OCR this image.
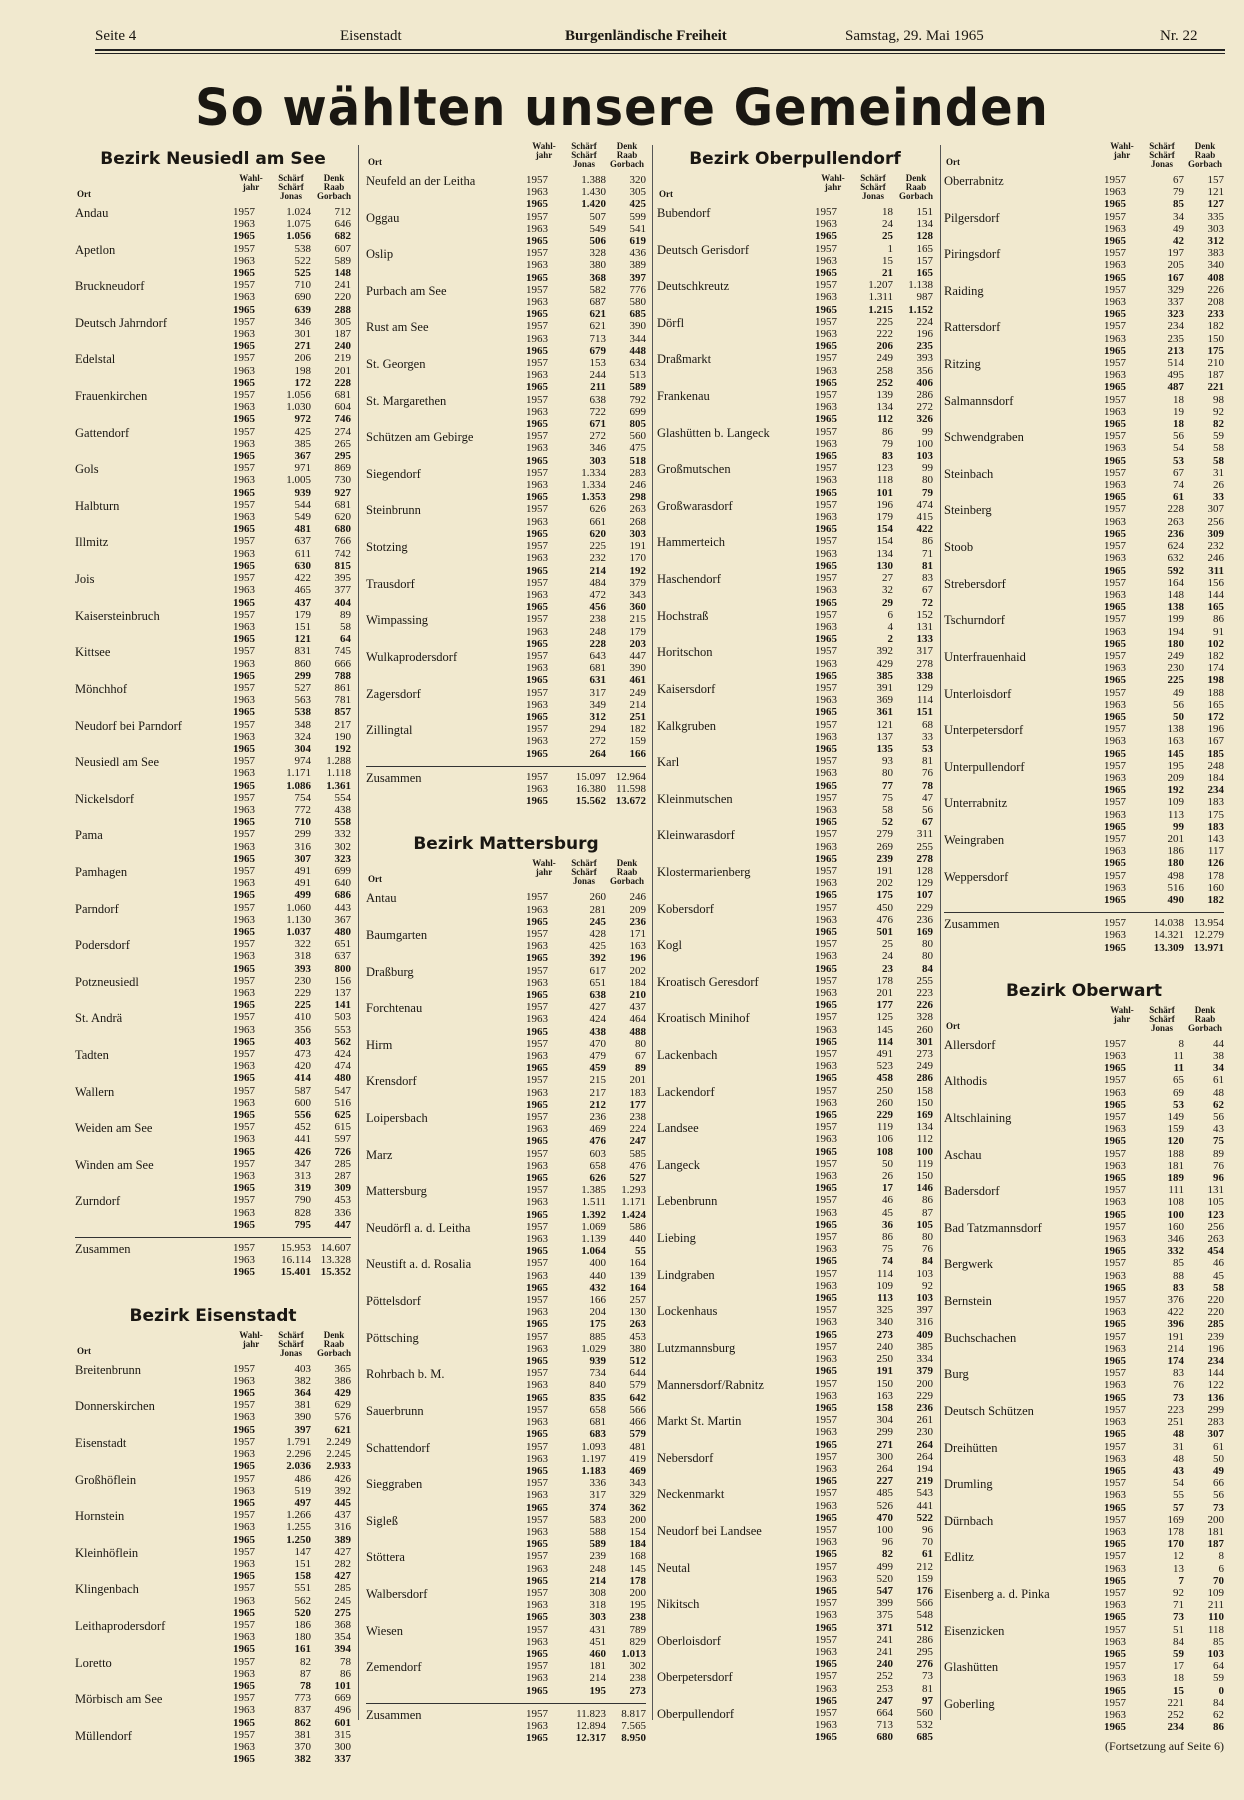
Seite 4	Eisenstadt	Burgenländische Freiheit	Samstag, 29. Mai 1965	Nr. 22
So wählten unsere Gemeinden
Bezirk Neusiedl am See
Ort
Wahl-
jahr
Schärf
Schärf
Jonas
Denk
Raab
Gorbach
Andau	1957	1.024	712
1963	1.075	646
1965	1.056	682
Apetlon	1957	538	607
1963	522	589
1965	525	148
Bruckneudorf	1957	710	241
1963	690	220
1965	639	288
Deutsch Jahrndorf	1957	346	305
1963	301	187
1965	271	240
Edelstal	1957	206	219
1963	198	201
1965	172	228
Frauenkirchen	1957	1.056	681
1963	1.030	604
1965	972	746
Gattendorf	1957	425	274
1963	385	265
1965	367	295
Gols	1957	971	869
1963	1.005	730
1965	939	927
Halbturn	1957	544	681
1963	549	620
1965	481	680
Illmitz	1957	637	766
1963	611	742
1965	630	815
Jois	1957	422	395
1963	465	377
1965	437	404
Kaisersteinbruch	1957	179	89
1963	151	58
1965	121	64
Kittsee	1957	831	745
1963	860	666
1965	299	788
Mönchhof	1957	527	861
1963	563	781
1965	538	857
Neudorf bei Parndorf	1957	348	217
1963	324	190
1965	304	192
Neusiedl am See	1957	974	1.288
1963	1.171	1.118
1965	1.086	1.361
Nickelsdorf	1957	754	554
1963	772	438
1965	710	558
Pama	1957	299	332
1963	316	302
1965	307	323
Pamhagen	1957	491	699
1963	491	640
1965	499	686
Parndorf	1957	1.060	443
1963	1.130	367
1965	1.037	480
Podersdorf	1957	322	651
1963	318	637
1965	393	800
Potzneusiedl	1957	230	156
1963	229	137
1965	225	141
St. Andrä	1957	410	503
1963	356	553
1965	403	562
Tadten	1957	473	424
1963	420	474
1965	414	480
Wallern	1957	587	547
1963	600	516
1965	556	625
Weiden am See	1957	452	615
1963	441	597
1965	426	726
Winden am See	1957	347	285
1963	313	287
1965	319	309
Zurndorf	1957	790	453
1963	828	336
1965	795	447
Zusammen	1957	15.953 14.607
1963	16.114 13.328
1965	15.401 15.352
Bezirk Eisenstadt
Ort
Wahl-
jahr
Schärf
Schärf
Jonas
Denk
Raab
Gorbach
Breitenbrunn	1957	403	365
1963	382	386
1965	364	429
Donnerskirchen	1957	381	629
1963	390	576
1965	397	621
Eisenstadt	1957	1.791	2.249
1963	2.296	2.245
1965	2.036	2.933
Großhöflein	1957	486	426
1963	519	392
1965	497	445
Hornstein	1957	1.266	437
1963	1.255	316
1965	1.250	389
Kleinhöflein	1957	147	427
1963	151	282
1965	158	427
Klingenbach	1957	551	285
1963	562	245
1965	520	275
Leithaprodersdorf	1957	186	368
1963	180	354
1965	161	394
Loretto	1957	82	78
1963	87	86
1965	78	101
Mörbisch am See	1957	773	669
1963	837	496
1965	862	601
Müllendorf	1957	381	315
1963	370	300
1965	382	337
Ort
Wahl-
jahr
Schärf
Schärf
Jonas
Denk
Raab
Gorbach
Neufeld an der Leitha	1957	1.388	320
1963	1.430	305
1965	1.420	425
Oggau	1957	507	599
1963	549	541
1965	506	619
Oslip	1957	328	436
1963	380	389
1965	368	397
Purbach am See	1957	582	776
1963	687	580
1965	621	685
Rust am See	1957	621	390
1963	713	344
1965	679	448
St. Georgen	1957	153	634
1963	244	513
1965	211	589
St. Margarethen	1957	638	792
1963	722	699
1965	671	805
Schützen am Gebirge	1957	272	560
1963	346	475
1965	303	518
Siegendorf	1957	1.334	283
1963	1.334	246
1965	1.353	298
Steinbrunn	1957	626	263
1963	661	268
1965	620	303
Stotzing	1957	225	191
1963	232	170
1965	214	192
Trausdorf	1957	484	379
1963	472	343
1965	456	360
Wimpassing	1957	238	215
1963	248	179
1965	228	203
Wulkaprodersdorf	1957	643	447
1963	681	390
1965	631	461
Zagersdorf	1957	317	249
1963	349	214
1965	312	251
Zillingtal	1957	294	182
1963	272	159
1965	264	166
Zusammen	1957	15.097 12.964
1963	16.380 11.598
1965	15.562 13.672
Bezirk Mattersburg
Ort
Wahl-
jahr
Schärf
Schärf
Jonas
Denk
Raab
Gorbach
Antau	1957	260	246
1963	281	209
1965	245	236
Baumgarten	1957	428	171
1963	425	163
1965	392	196
Draßburg	1957	617	202
1963	651	184
1965	638	210
Forchtenau	1957	427	437
1963	424	464
1965	438	488
Hirm	1957	470	80
1963	479	67
1965	459	89
Krensdorf	1957	215	201
1963	217	183
1965	212	177
Loipersbach	1957	236	238
1963	469	224
1965	476	247
Marz	1957	603	585
1963	658	476
1965	626	527
Mattersburg	1957	1.385	1.293
1963	1.511	1.171
1965	1.392	1.424
Neudörfl a. d. Leitha	1957	1.069	586
1963	1.139	440
1965	1.064	55
Neustift a. d. Rosalia	1957	400	164
1963	440	139
1965	432	164
Pöttelsdorf	1957	166	257
1963	204	130
1965	175	263
Pöttsching	1957	885	453
1963	1.029	380
1965	939	512
Rohrbach b. M.	1957	734	644
1963	840	579
1965	835	642
Sauerbrunn	1957	658	566
1963	681	466
1965	683	579
Schattendorf	1957	1.093	481
1963	1.197	419
1965	1.183	469
Sieggraben	1957	336	343
1963	317	329
1965	374	362
Sigleß	1957	583	200
1963	588	154
1965	589	184
Stöttera	1957	239	168
1963	248	145
1965	214	178
Walbersdorf	1957	308	200
1963	318	195
1965	303	238
Wiesen	1957	431	789
1963	451	829
1965	460	1.013
Zemendorf	1957	181	302
1963	214	238
1965	195	273
Zusammen	1957	11.823	8.817
1963	12.894	7.565
1965	12.317	8.950
Bezirk Oberpullendorf
Ort
Wahl-
jahr
Schärf
Schärf
Jonas
Denk
Raab
Gorbach
Bubendorf	1957	18	151
1963	24	134
1965	25	128
Deutsch Gerisdorf	1957	1	165
1963	15	157
1965	21	165
Deutschkreutz	1957	1.207	1.138
1963	1.311	987
1965	1.215	1.152
Dörfl	1957	225	224
1963	222	196
1965	206	235
Draßmarkt	1957	249	393
1963	258	356
1965	252	406
Frankenau	1957	139	286
1963	134	272
1965	112	326
Glashütten b. Langeck	1957	86	99
1963	79	100
1965	83	103
Großmutschen	1957	123	99
1963	118	80
1965	101	79
Großwarasdorf	1957	196	474
1963	179	415
1965	154	422
Hammerteich	1957	154	86
1963	134	71
1965	130	81
Haschendorf	1957	27	83
1963	32	67
1965	29	72
Hochstraß	1957	6	152
1963	4	131
1965	2	133
Horitschon	1957	392	317
1963	429	278
1965	385	338
Kaisersdorf	1957	391	129
1963	369	114
1965	361	151
Kalkgruben	1957	121	68
1963	137	33
1965	135	53
Karl	1957	93	81
1963	80	76
1965	77	78
Kleinmutschen	1957	75	47
1963	58	56
1965	52	67
Kleinwarasdorf	1957	279	311
1963	269	255
1965	239	278
Klostermarienberg	1957	191	128
1963	202	129
1965	175	107
Kobersdorf	1957	450	229
1963	476	236
1965	501	169
Kogl	1957	25	80
1963	24	80
1965	23	84
Kroatisch Geresdorf	1957	178	255
1963	201	223
1965	177	226
Kroatisch Minihof	1957	125	328
1963	145	260
1965	114	301
Lackenbach	1957	491	273
1963	523	249
1965	458	286
Lackendorf	1957	250	158
1963	260	150
1965	229	169
Landsee	1957	119	134
1963	106	112
1965	108	100
Langeck	1957	50	119
1963	26	150
1965	17	146
Lebenbrunn	1957	46	86
1963	45	87
1965	36	105
Liebing	1957	86	80
1963	75	76
1965	74	84
Lindgraben	1957	114	103
1963	109	92
1965	113	103
Lockenhaus	1957	325	397
1963	340	316
1965	273	409
Lutzmannsburg	1957	240	385
1963	250	334
1965	191	379
Mannersdorf/Rabnitz	1957	150	200
1963	163	229
1965	158	236
Markt St. Martin	1957	304	261
1963	299	230
1965	271	264
Nebersdorf	1957	300	264
1963	264	194
1965	227	219
Neckenmarkt	1957	485	543
1963	526	441
1965	470	522
Neudorf bei Landsee	1957	100	96
1963	96	70
1965	82	61
Neutal	1957	499	212
1963	520	159
1965	547	176
Nikitsch	1957	399	566
1963	375	548
1965	371	512
Oberloisdorf	1957	241	286
1963	241	295
1965	240	276
Oberpetersdorf	1957	252	73
1963	253	81
1965	247	97
Oberpullendorf	1957	664	560
1963	713	532
1965	680	685
Ort
Wahl-
jahr
Schärf
Schärf
Jonas
Denk
Raab
Gorbach
Oberrabnitz	1957	67	157
1963	79	121
1965	85	127
Pilgersdorf	1957	34	335
1963	49	303
1965	42	312
Piringsdorf	1957	197	383
1963	205	340
1965	167	408
Raiding	1957	329	226
1963	337	208
1965	323	233
Rattersdorf	1957	234	182
1963	235	150
1965	213	175
Ritzing	1957	514	210
1963	495	187
1965	487	221
Salmannsdorf	1957	18	98
1963	19	92
1965	18	82
Schwendgraben	1957	56	59
1963	54	58
1965	53	58
Steinbach	1957	67	31
1963	74	26
1965	61	33
Steinberg	1957	228	307
1963	263	256
1965	236	309
Stoob	1957	624	232
1963	632	246
1965	592	311
Strebersdorf	1957	164	156
1963	148	144
1965	138	165
Tschurndorf	1957	199	86
1963	194	91
1965	180	102
Unterfrauenhaid	1957	249	182
1963	230	174
1965	225	198
Unterloisdorf	1957	49	188
1963	56	165
1965	50	172
Unterpetersdorf	1957	138	196
1963	163	167
1965	145	185
Unterpullendorf	1957	195	248
1963	209	184
1965	192	234
Unterrabnitz	1957	109	183
1963	113	175
1965	99	183
Weingraben	1957	201	143
1963	186	117
1965	180	126
Weppersdorf	1957	498	178
1963	516	160
1965	490	182
Zusammen	1957	14.038 13.954
1963	14.321 12.279
1965	13.309 13.971
Bezirk Oberwart
Ort
Wahl-
jahr
Schärf
Schärf
Jonas
Denk
Raab
Gorbach
Allersdorf	1957	8	44
1963	11	38
1965	11	34
Althodis	1957	65	61
1963	69	48
1965	53	62
Altschlaining	1957	149	56
1963	159	43
1965	120	75
Aschau	1957	188	89
1963	181	76
1965	189	96
Badersdorf	1957	111	131
1963	108	105
1965	100	123
Bad Tatzmannsdorf	1957	160	256
1963	346	263
1965	332	454
Bergwerk	1957	85	46
1963	88	45
1965	83	58
Bernstein	1957	376	220
1963	422	220
1965	396	285
Buchschachen	1957	191	239
1963	214	196
1965	174	234
Burg	1957	83	144
1963	76	122
1965	73	136
Deutsch Schützen	1957	223	299
1963	251	283
1965	48	307
Dreihütten	1957	31	61
1963	48	50
1965	43	49
Drumling	1957	54	66
1963	55	56
1965	57	73
Dürnbach	1957	169	200
1963	178	181
1965	170	187
Edlitz	1957	12	8
1963	13	6
1965	7	70
Eisenberg a. d. Pinka	1957	92	109
1963	71	211
1965	73	110
Eisenzicken	1957	51	118
1963	84	85
1965	59	103
Glashütten	1957	17	64
1963	18	59
1965	15	0
Goberling	1957	221	84
1963	252	62
1965	234	86
(Fortsetzung auf Seite 6)
